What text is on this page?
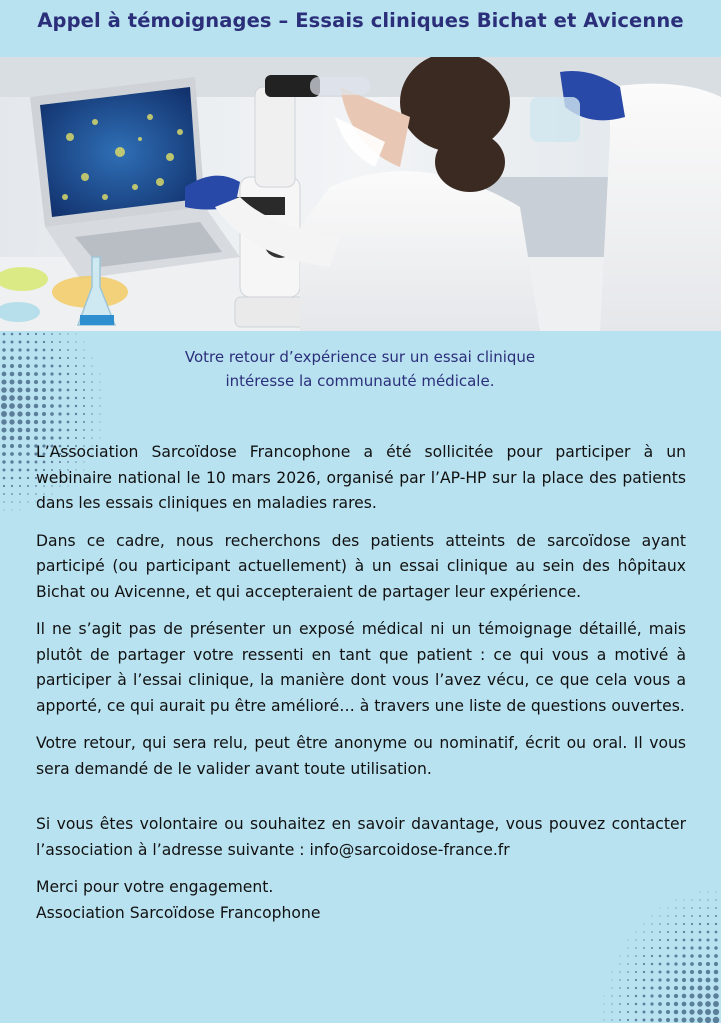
Appel à témoignages – Essais cliniques Bichat et Avicenne
Votre retour d’expérience sur un essai clinique
intéresse la communauté médicale.

L’Association Sarcoïdose Francophone a été sollicitée pour participer à un webinaire national le 10 mars 2026, organisé par l’AP-HP sur la place des patients dans les essais cliniques en maladies rares.

Dans ce cadre, nous recherchons des patients atteints de sarcoïdose ayant participé (ou participant actuellement) à un essai clinique au sein des hôpitaux Bichat ou Avicenne, et qui accepteraient de partager leur expérience.

Il ne s’agit pas de présenter un exposé médical ni un témoignage détaillé, mais plutôt de partager votre ressenti en tant que patient : ce qui vous a motivé à participer à l’essai clinique, la manière dont vous l’avez vécu, ce que cela vous a apporté, ce qui aurait pu être amélioré… à travers une liste de questions ouvertes.

Votre retour, qui sera relu, peut être anonyme ou nominatif, écrit ou oral. Il vous sera demandé de le valider avant toute utilisation.

Si vous êtes volontaire ou souhaitez en savoir davantage, vous pouvez contacter l’association à l’adresse suivante : info@sarcoidose-france.fr

Merci pour votre engagement.
Association Sarcoïdose Francophone
